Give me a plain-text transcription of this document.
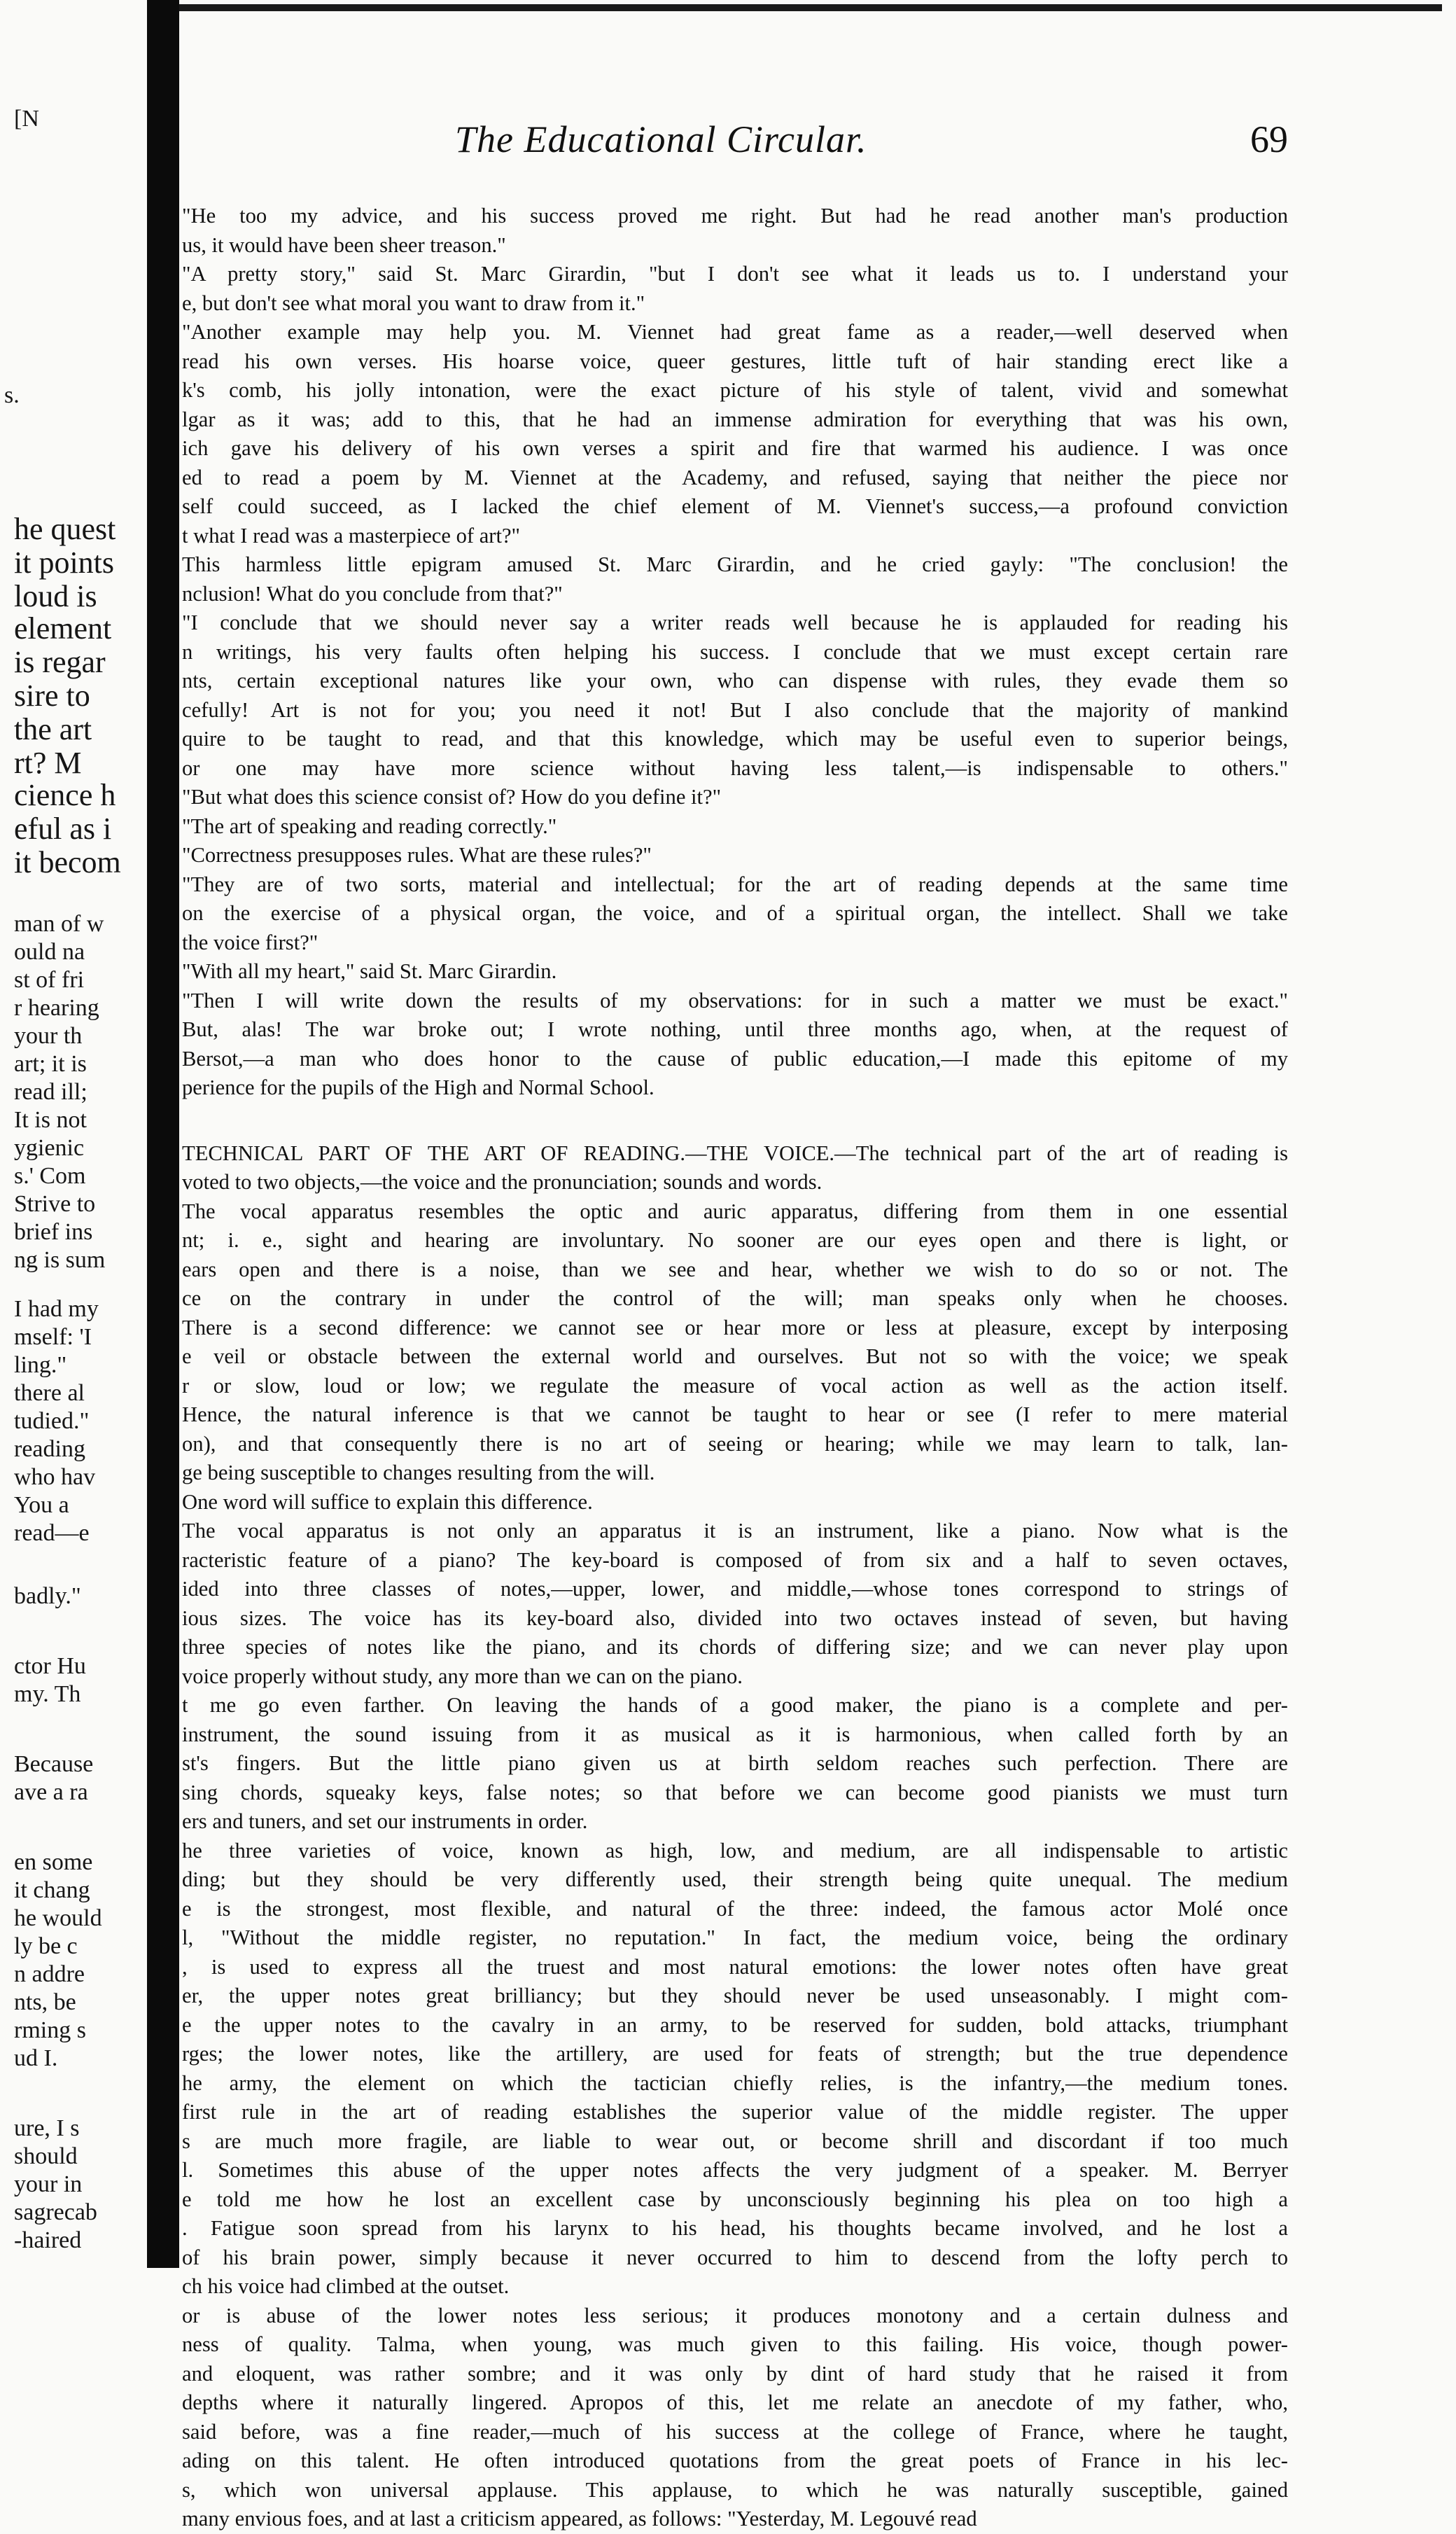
[N
s.
he quest
it points
loud is
element
is regar
sire to
the art
rt? M
cience h
eful as i
it becom
man of w
ould na
st of fri
r hearing
your th
art; it is
read ill;
It is not
ygienic
s.' Com
Strive to
brief ins
ng is sum
I had my
mself: 'I
ling."
there al
tudied."
reading
who hav
You a
read—e
badly."
ctor Hu
my. Th
Because
ave a ra
en some
it chang
he would
ly be c
n addre
nts, be
rming s
ud I.
ure, I s
should
your in
sagrecab
-haired
The Educational Circular.	69
"He too my advice, and his success proved me right. But had he read another man's production
us, it would have been sheer treason."
"A pretty story," said St. Marc Girardin, "but I don't see what it leads us to. I understand your
e, but don't see what moral you want to draw from it."
"Another example may help you. M. Viennet had great fame as a reader,—well deserved when
read his own verses. His hoarse voice, queer gestures, little tuft of hair standing erect like a
k's comb, his jolly intonation, were the exact picture of his style of talent, vivid and somewhat
lgar as it was; add to this, that he had an immense admiration for everything that was his own,
ich gave his delivery of his own verses a spirit and fire that warmed his audience. I was once
ed to read a poem by M. Viennet at the Academy, and refused, saying that neither the piece nor
self could succeed, as I lacked the chief element of M. Viennet's success,—a profound conviction
t what I read was a masterpiece of art?"
This harmless little epigram amused St. Marc Girardin, and he cried gayly: "The conclusion! the
nclusion! What do you conclude from that?"
"I conclude that we should never say a writer reads well because he is applauded for reading his
n writings, his very faults often helping his success. I conclude that we must except certain rare
nts, certain exceptional natures like your own, who can dispense with rules, they evade them so
cefully! Art is not for you; you need it not! But I also conclude that the majority of mankind
quire to be taught to read, and that this knowledge, which may be useful even to superior beings,
or one may have more science without having less talent,—is indispensable to others."
"But what does this science consist of? How do you define it?"
"The art of speaking and reading correctly."
"Correctness presupposes rules. What are these rules?"
"They are of two sorts, material and intellectual; for the art of reading depends at the same time
on the exercise of a physical organ, the voice, and of a spiritual organ, the intellect. Shall we take
the voice first?"
"With all my heart," said St. Marc Girardin.
"Then I will write down the results of my observations: for in such a matter we must be exact."
But, alas! The war broke out; I wrote nothing, until three months ago, when, at the request of
Bersot,—a man who does honor to the cause of public education,—I made this epitome of my
perience for the pupils of the High and Normal School.
TECHNICAL PART OF THE ART OF READING.—THE VOICE.—The technical part of the art of reading is
voted to two objects,—the voice and the pronunciation; sounds and words.
The vocal apparatus resembles the optic and auric apparatus, differing from them in one essential
nt; i. e., sight and hearing are involuntary. No sooner are our eyes open and there is light, or
ears open and there is a noise, than we see and hear, whether we wish to do so or not. The
ce on the contrary in under the control of the will; man speaks only when he chooses.
There is a second difference: we cannot see or hear more or less at pleasure, except by interposing
e veil or obstacle between the external world and ourselves. But not so with the voice; we speak
r or slow, loud or low; we regulate the measure of vocal action as well as the action itself.
Hence, the natural inference is that we cannot be taught to hear or see (I refer to mere material
on), and that consequently there is no art of seeing or hearing; while we may learn to talk, lan-
ge being susceptible to changes resulting from the will.
One word will suffice to explain this difference.
The vocal apparatus is not only an apparatus it is an instrument, like a piano. Now what is the
racteristic feature of a piano? The key-board is composed of from six and a half to seven octaves,
ided into three classes of notes,—upper, lower, and middle,—whose tones correspond to strings of
ious sizes. The voice has its key-board also, divided into two octaves instead of seven, but having
three species of notes like the piano, and its chords of differing size; and we can never play upon
voice properly without study, any more than we can on the piano.
t me go even farther. On leaving the hands of a good maker, the piano is a complete and per-
instrument, the sound issuing from it as musical as it is harmonious, when called forth by an
st's fingers. But the little piano given us at birth seldom reaches such perfection. There are
sing chords, squeaky keys, false notes; so that before we can become good pianists we must turn
ers and tuners, and set our instruments in order.
he three varieties of voice, known as high, low, and medium, are all indispensable to artistic
ding; but they should be very differently used, their strength being quite unequal. The medium
e is the strongest, most flexible, and natural of the three: indeed, the famous actor Molé once
l, "Without the middle register, no reputation." In fact, the medium voice, being the ordinary
, is used to express all the truest and most natural emotions: the lower notes often have great
er, the upper notes great brilliancy; but they should never be used unseasonably. I might com-
e the upper notes to the cavalry in an army, to be reserved for sudden, bold attacks, triumphant
rges; the lower notes, like the artillery, are used for feats of strength; but the true dependence
he army, the element on which the tactician chiefly relies, is the infantry,—the medium tones.
first rule in the art of reading establishes the superior value of the middle register. The upper
s are much more fragile, are liable to wear out, or become shrill and discordant if too much
l. Sometimes this abuse of the upper notes affects the very judgment of a speaker. M. Berryer
e told me how he lost an excellent case by unconsciously beginning his plea on too high a
. Fatigue soon spread from his larynx to his head, his thoughts became involved, and he lost a
of his brain power, simply because it never occurred to him to descend from the lofty perch to
ch his voice had climbed at the outset.
or is abuse of the lower notes less serious; it produces monotony and a certain dulness and
ness of quality. Talma, when young, was much given to this failing. His voice, though power-
and eloquent, was rather sombre; and it was only by dint of hard study that he raised it from
depths where it naturally lingered. Apropos of this, let me relate an anecdote of my father, who,
said before, was a fine reader,—much of his success at the college of France, where he taught,
ading on this talent. He often introduced quotations from the great poets of France in his lec-
s, which won universal applause. This applause, to which he was naturally susceptible, gained
many envious foes, and at last a criticism appeared, as follows: "Yesterday, M. Legouvé read
